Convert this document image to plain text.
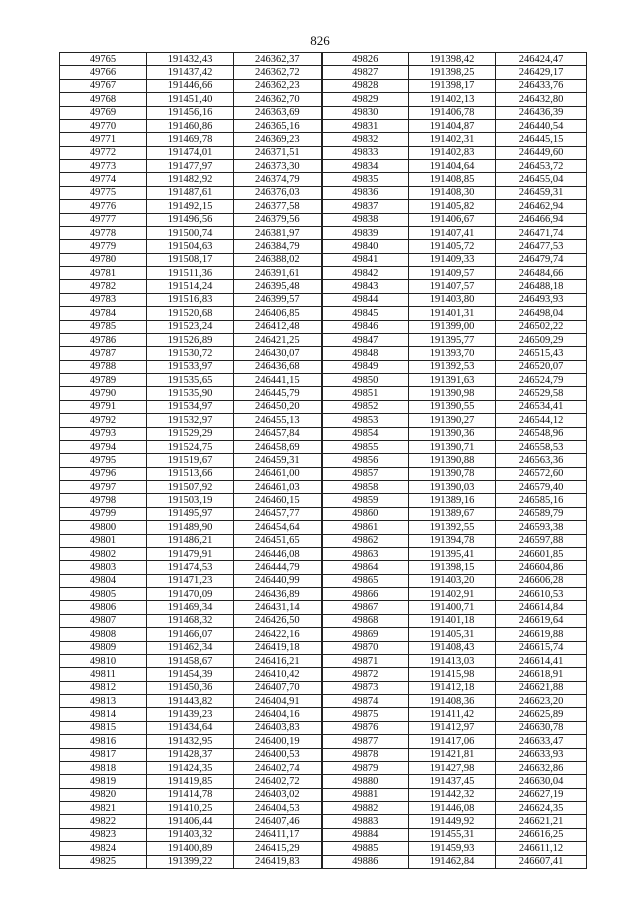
826
49765	191432,43	246362,37	49826	191398,42	246424,47
49766	191437,42	246362,72	49827	191398,25	246429,17
49767	191446,66	246362,23	49828	191398,17	246433,76
49768	191451,40	246362,70	49829	191402,13	246432,80
49769	191456,16	246363,69	49830	191406,78	246436,39
49770	191460,86	246365,16	49831	191404,87	246440,54
49771	191469,78	246369,23	49832	191402,31	246445,15
49772	191474,01	246371,51	49833	191402,83	246449,60
49773	191477,97	246373,30	49834	191404,64	246453,72
49774	191482,92	246374,79	49835	191408,85	246455,04
49775	191487,61	246376,03	49836	191408,30	246459,31
49776	191492,15	246377,58	49837	191405,82	246462,94
49777	191496,56	246379,56	49838	191406,67	246466,94
49778	191500,74	246381,97	49839	191407,41	246471,74
49779	191504,63	246384,79	49840	191405,72	246477,53
49780	191508,17	246388,02	49841	191409,33	246479,74
49781	191511,36	246391,61	49842	191409,57	246484,66
49782	191514,24	246395,48	49843	191407,57	246488,18
49783	191516,83	246399,57	49844	191403,80	246493,93
49784	191520,68	246406,85	49845	191401,31	246498,04
49785	191523,24	246412,48	49846	191399,00	246502,22
49786	191526,89	246421,25	49847	191395,77	246509,29
49787	191530,72	246430,07	49848	191393,70	246515,43
49788	191533,97	246436,68	49849	191392,53	246520,07
49789	191535,65	246441,15	49850	191391,63	246524,79
49790	191535,90	246445,79	49851	191390,98	246529,58
49791	191534,97	246450,20	49852	191390,55	246534,41
49792	191532,97	246455,13	49853	191390,27	246544,12
49793	191529,29	246457,84	49854	191390,36	246548,96
49794	191524,75	246458,69	49855	191390,71	246558,53
49795	191519,67	246459,31	49856	191390,88	246563,36
49796	191513,66	246461,00	49857	191390,78	246572,60
49797	191507,92	246461,03	49858	191390,03	246579,40
49798	191503,19	246460,15	49859	191389,16	246585,16
49799	191495,97	246457,77	49860	191389,67	246589,79
49800	191489,90	246454,64	49861	191392,55	246593,38
49801	191486,21	246451,65	49862	191394,78	246597,88
49802	191479,91	246446,08	49863	191395,41	246601,85
49803	191474,53	246444,79	49864	191398,15	246604,86
49804	191471,23	246440,99	49865	191403,20	246606,28
49805	191470,09	246436,89	49866	191402,91	246610,53
49806	191469,34	246431,14	49867	191400,71	246614,84
49807	191468,32	246426,50	49868	191401,18	246619,64
49808	191466,07	246422,16	49869	191405,31	246619,88
49809	191462,34	246419,18	49870	191408,43	246615,74
49810	191458,67	246416,21	49871	191413,03	246614,41
49811	191454,39	246410,42	49872	191415,98	246618,91
49812	191450,36	246407,70	49873	191412,18	246621,88
49813	191443,82	246404,91	49874	191408,36	246623,20
49814	191439,23	246404,16	49875	191411,42	246625,89
49815	191434,64	246403,83	49876	191412,97	246630,78
49816	191432,95	246400,19	49877	191417,06	246633,47
49817	191428,37	246400,53	49878	191421,81	246633,93
49818	191424,35	246402,74	49879	191427,98	246632,86
49819	191419,85	246402,72	49880	191437,45	246630,04
49820	191414,78	246403,02	49881	191442,32	246627,19
49821	191410,25	246404,53	49882	191446,08	246624,35
49822	191406,44	246407,46	49883	191449,92	246621,21
49823	191403,32	246411,17	49884	191455,31	246616,25
49824	191400,89	246415,29	49885	191459,93	246611,12
49825	191399,22	246419,83	49886	191462,84	246607,41
